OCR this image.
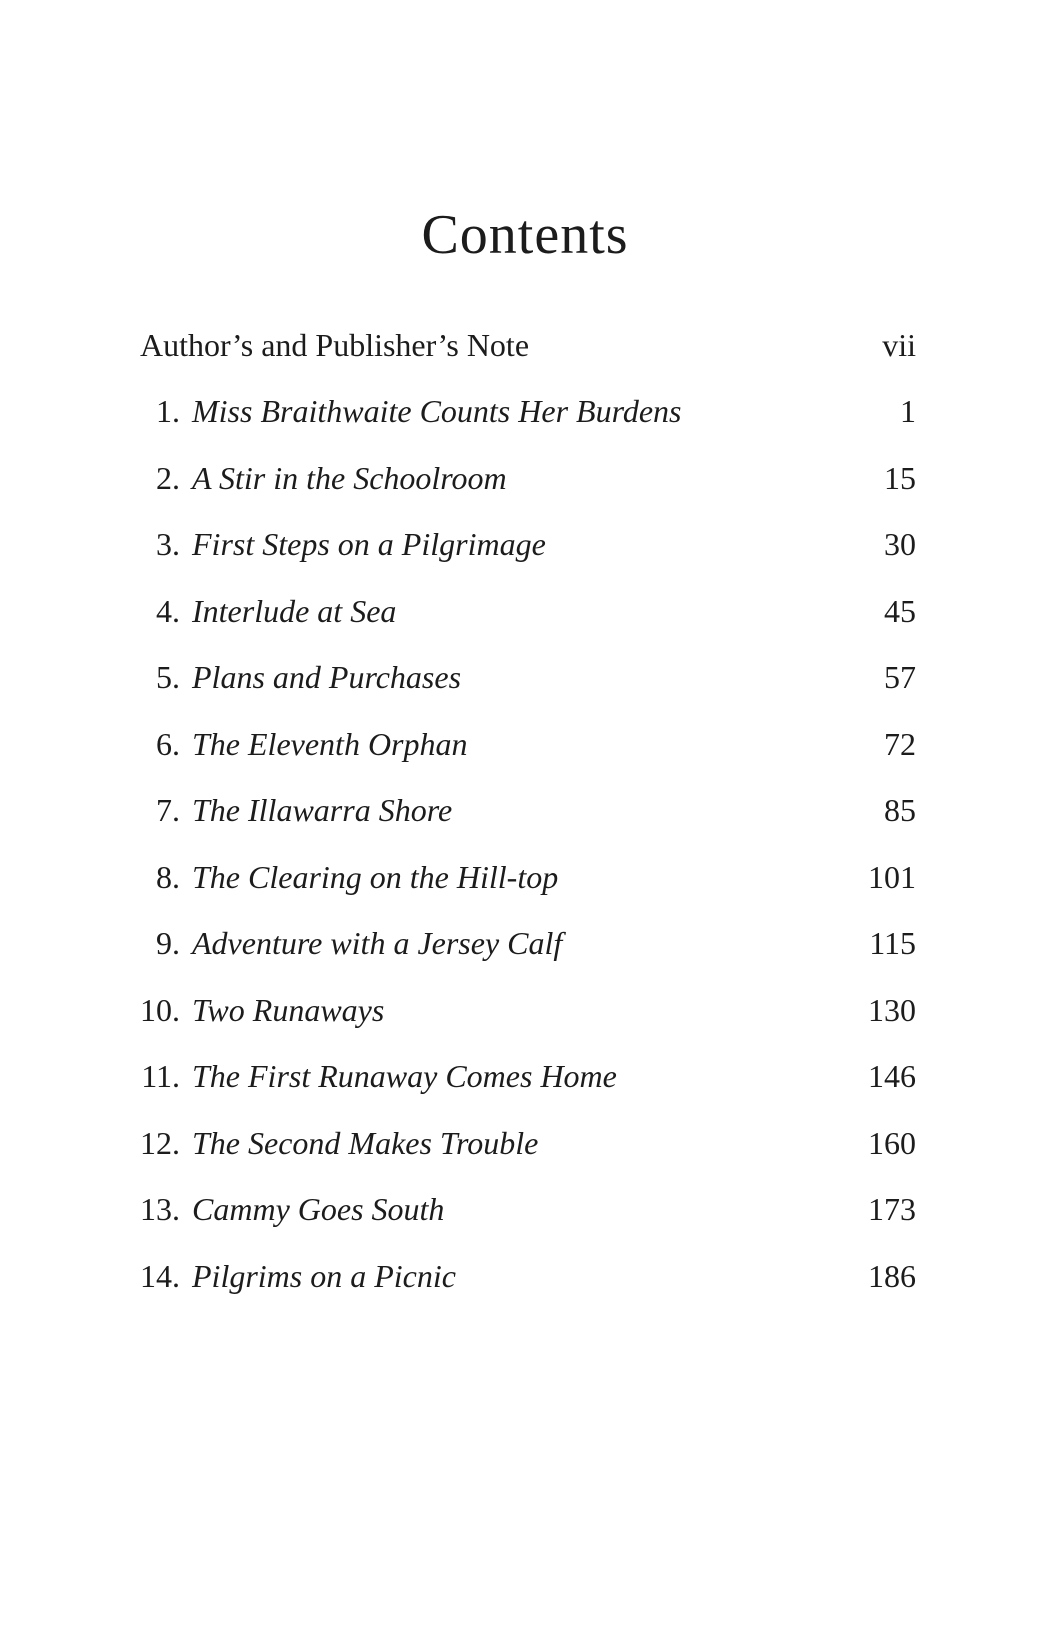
Contents
Author’s and Publisher’s Note	vii
1. Miss Braithwaite Counts Her Burdens	1
2. A Stir in the Schoolroom	15
3. First Steps on a Pilgrimage	30
4. Interlude at Sea	45
5. Plans and Purchases	57
6. The Eleventh Orphan	72
7. The Illawarra Shore	85
8. The Clearing on the Hill-top	101
9. Adventure with a Jersey Calf	115
10. Two Runaways	130
11. The First Runaway Comes Home	146
12. The Second Makes Trouble	160
13. Cammy Goes South	173
14. Pilgrims on a Picnic	186
